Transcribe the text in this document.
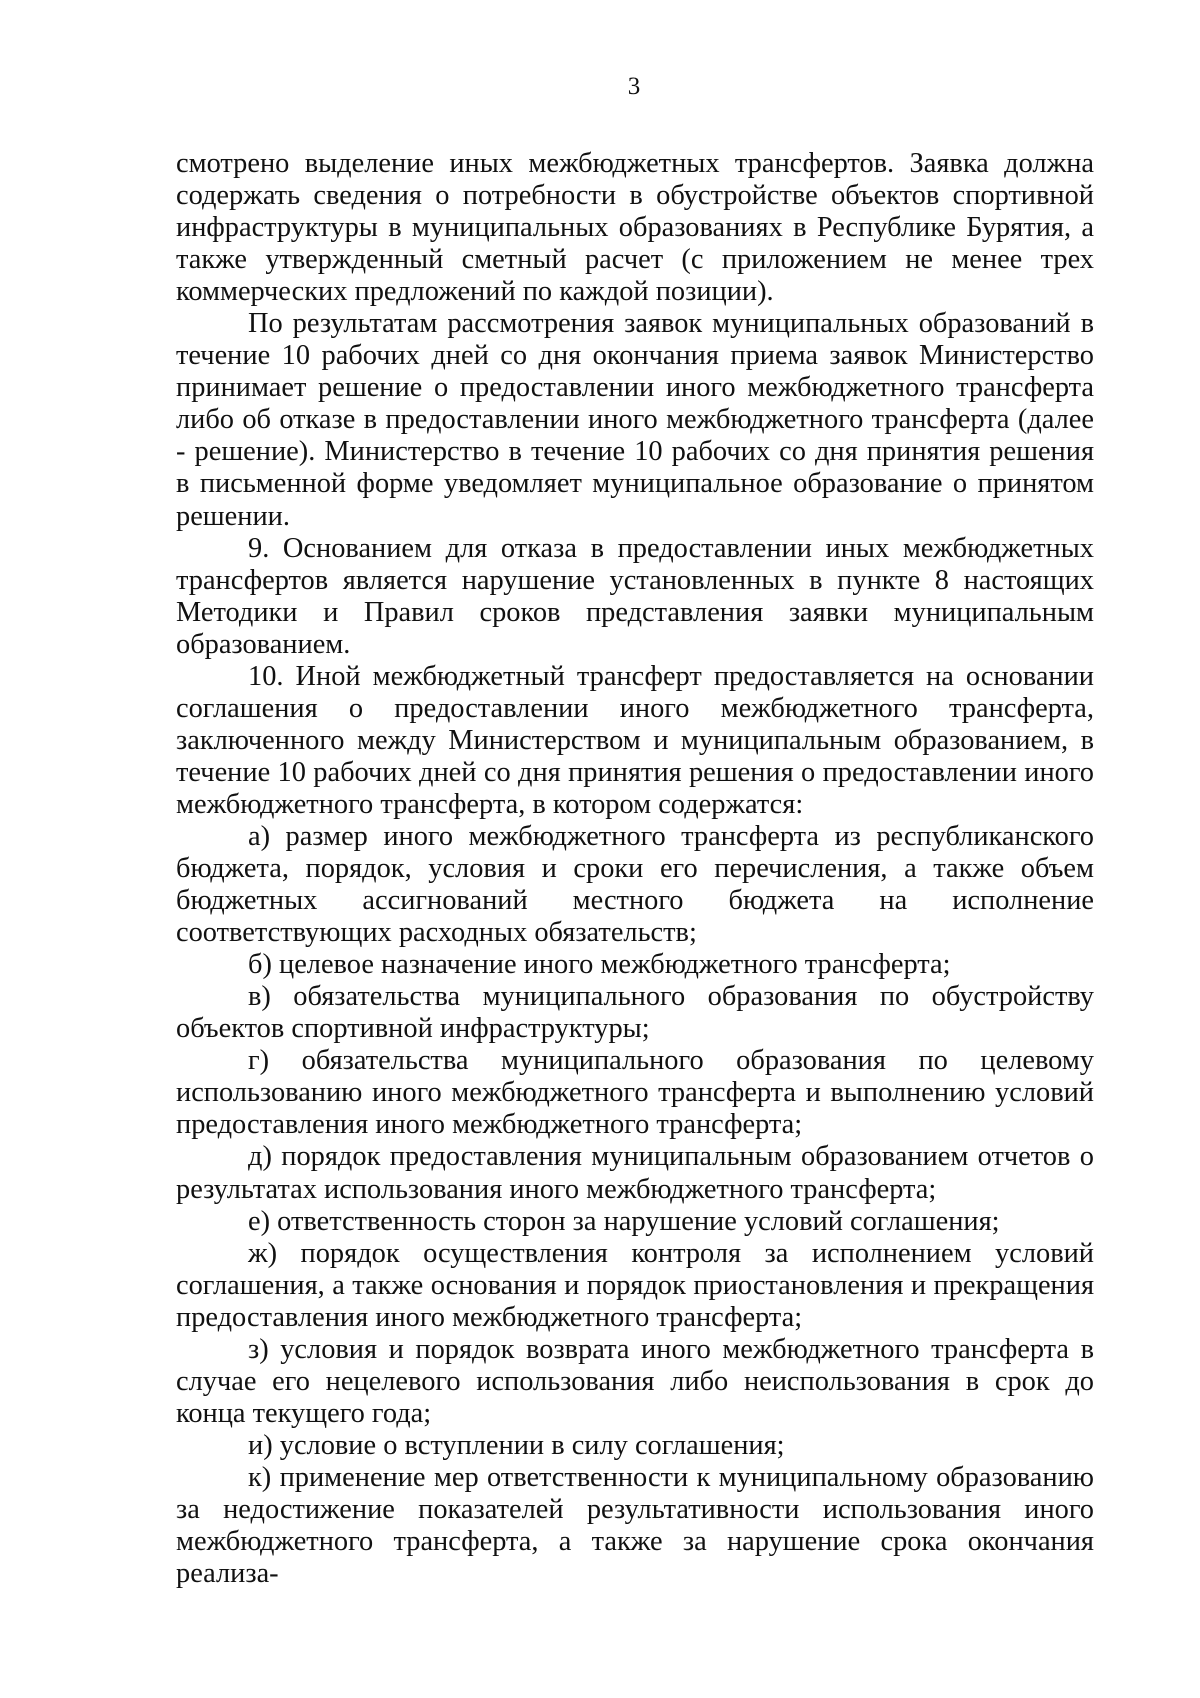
3

смотрено выделение иных межбюджетных трансфертов. Заявка должна содержать сведения о потребности в обустройстве объектов спортивной инфраструктуры в муниципальных образованиях в Республике Бурятия, а также утвержденный сметный расчет (с приложением не менее трех коммерческих предложений по каждой позиции).

По результатам рассмотрения заявок муниципальных образований в течение 10 рабочих дней со дня окончания приема заявок Министерство принимает решение о предоставлении иного межбюджетного трансферта либо об отказе в предоставлении иного межбюджетного трансферта (далее - решение). Министерство в течение 10 рабочих со дня принятия решения в письменной форме уведомляет муниципальное образование о принятом решении.

9. Основанием для отказа в предоставлении иных межбюджетных трансфертов является нарушение установленных в пункте 8 настоящих Методики и Правил сроков представления заявки муниципальным образованием.

10. Иной межбюджетный трансферт предоставляется на основании соглашения о предоставлении иного межбюджетного трансферта, заключенного между Министерством и муниципальным образованием, в течение 10 рабочих дней со дня принятия решения о предоставлении иного межбюджетного трансферта, в котором содержатся:

а) размер иного межбюджетного трансферта из республиканского бюджета, порядок, условия и сроки его перечисления, а также объем бюджетных ассигнований местного бюджета на исполнение соответствующих расходных обязательств;

б) целевое назначение иного межбюджетного трансферта;

в) обязательства муниципального образования по обустройству объектов спортивной инфраструктуры;

г) обязательства муниципального образования по целевому использованию иного межбюджетного трансферта и выполнению условий предоставления иного межбюджетного трансферта;

д) порядок предоставления муниципальным образованием отчетов о результатах использования иного межбюджетного трансферта;

е) ответственность сторон за нарушение условий соглашения;

ж) порядок осуществления контроля за исполнением условий соглашения, а также основания и порядок приостановления и прекращения предоставления иного межбюджетного трансферта;

з) условия и порядок возврата иного межбюджетного трансферта в случае его нецелевого использования либо неиспользования в срок до конца текущего года;

и) условие о вступлении в силу соглашения;

к) применение мер ответственности к муниципальному образованию за недостижение показателей результативности использования иного межбюджетного трансферта, а также за нарушение срока окончания реализа-
